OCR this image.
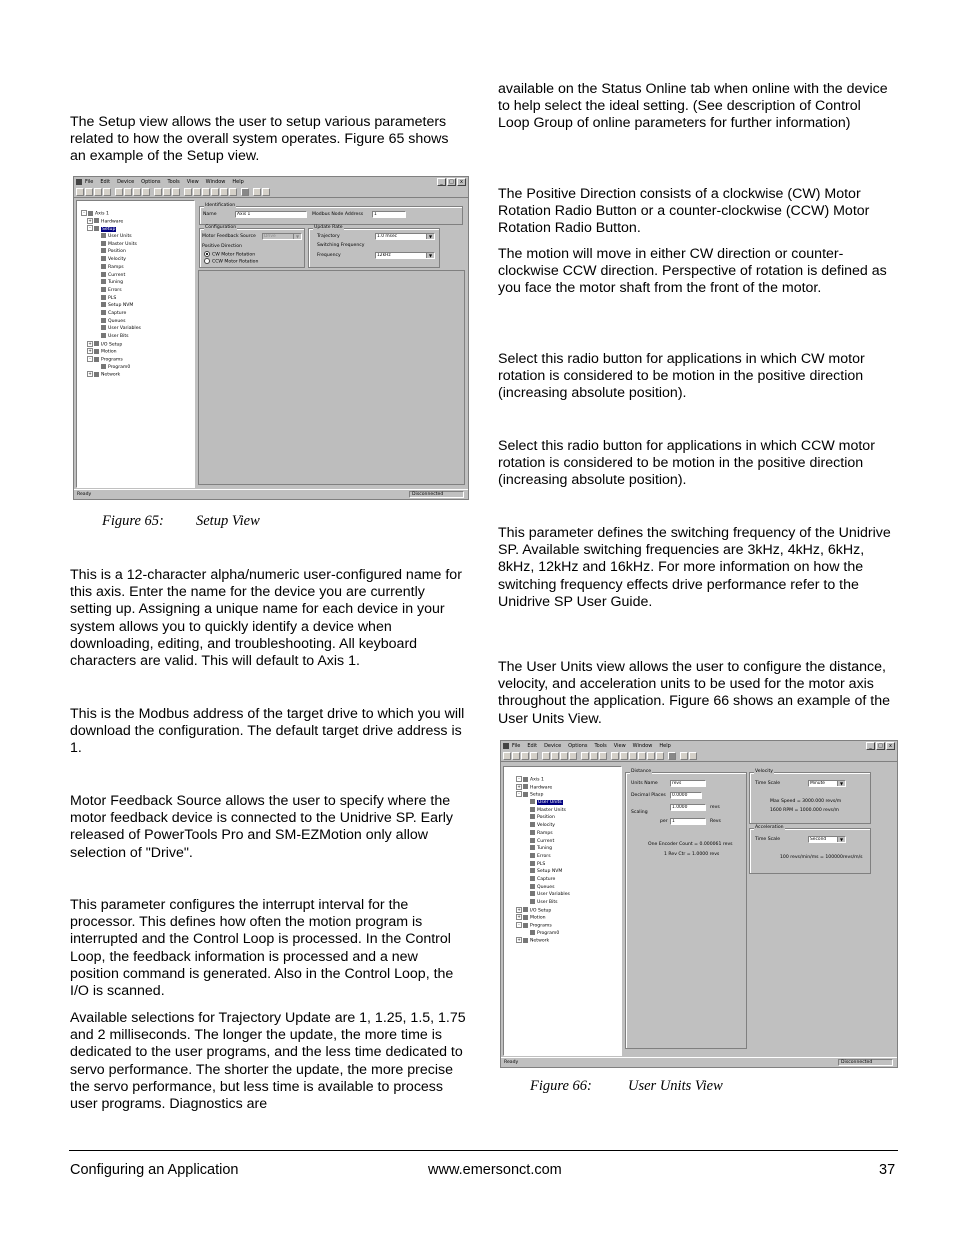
The Setup view allows the user to setup various parameters related to how the overall system operates. Figure 65 shows an example of the Setup view.

File Edit Device Options Tools View Window Help	_	□	x
- Axis 1
+ Hardware
- Setup
User Units
Master Units
Position
Velocity
Ramps
Current
Tuning
Errors
PLS
Setup NVM
Capture
Queues
User Variables
User Bits
+ I/O Setup
+ Motion
- Programs
Program0
+ Network
Identification
Name	Axis 1	Modbus Node Address	1
Configuration
Motor Feedback Source	Drive	▼
Positive Direction
CW Motor Rotation
CCW Motor Rotation
Update Rate
Trajectory	1.0 msec	▼
Switching Frequency
Frequency	12kHz	▼
Ready	Disconnected
Figure 65: Setup View

This is a 12-character alpha/numeric user-configured name for this axis. Enter the name for the device you are currently setting up. Assigning a unique name for each device in your system allows you to quickly identify a device when downloading, editing, and troubleshooting. All keyboard characters are valid. This will default to Axis 1.

This is the Modbus address of the target drive to which you will download the configuration. The default target drive address is 1.

Motor Feedback Source allows the user to specify where the motor feedback device is connected to the Unidrive SP. Early released of PowerTools Pro and SM-EZMotion only allow selection of "Drive".

This parameter configures the interrupt interval for the processor. This defines how often the motion program is interrupted and the Control Loop is processed. In the Control Loop, the feedback information is processed and a new position command is generated. Also in the Control Loop, the I/O is scanned.

Available selections for Trajectory Update are 1, 1.25, 1.5, 1.75 and 2 milliseconds. The longer the update, the more time is dedicated to the user programs, and the less time dedicated to servo performance. The shorter the update, the more precise the servo performance, but less time is available to process user programs. Diagnostics are

available on the Status Online tab when online with the device to help select the ideal setting. (See description of Control Loop Group of online parameters for further information)

The Positive Direction consists of a clockwise (CW) Motor Rotation Radio Button or a counter-clockwise (CCW) Motor Rotation Radio Button.

The motion will move in either CW direction or counter-clockwise CCW direction. Perspective of rotation is defined as you face the motor shaft from the front of the motor.

Select this radio button for applications in which CW motor rotation is considered to be motion in the positive direction (increasing absolute position).

Select this radio button for applications in which CCW motor rotation is considered to be motion in the positive direction (increasing absolute position).

This parameter defines the switching frequency of the Unidrive SP. Available switching frequencies are 3kHz, 4kHz, 6kHz, 8kHz, 12kHz and 16kHz. For more information on how the switching frequency effects drive performance refer to the Unidrive SP User Guide.

The User Units view allows the user to configure the distance, velocity, and acceleration units to be used for the motor axis throughout the application. Figure 66 shows an example of the User Units View.

File Edit Device Options Tools View Window Help	_	□	x
- Axis 1
+ Hardware
- Setup
User Units
Master Units
Position
Velocity
Ramps
Current
Tuning
Errors
PLS
Setup NVM
Capture
Queues
User Variables
User Bits
+ I/O Setup
+ Motion
- Programs
Program0
+ Network
Distance
Units Name	revs
Decimal Places	0.0000
1.0000	revs
Scaling
per 1	Revs
One Encoder Count = 0.000061 revs
1 Rev Ctr = 1.0000 revs
Velocity
Time Scale	Minute	▼
Max Speed = 3000.000 revs/m
1600 RPM = 1000.000 revs/m
Acceleration
Time Scale	Second	▼
100 revs/min/ms = 100000revs/m/s
Ready	Disconnected
Figure 66: User Units View
Configuring an Application	www.emersonct.com	37
